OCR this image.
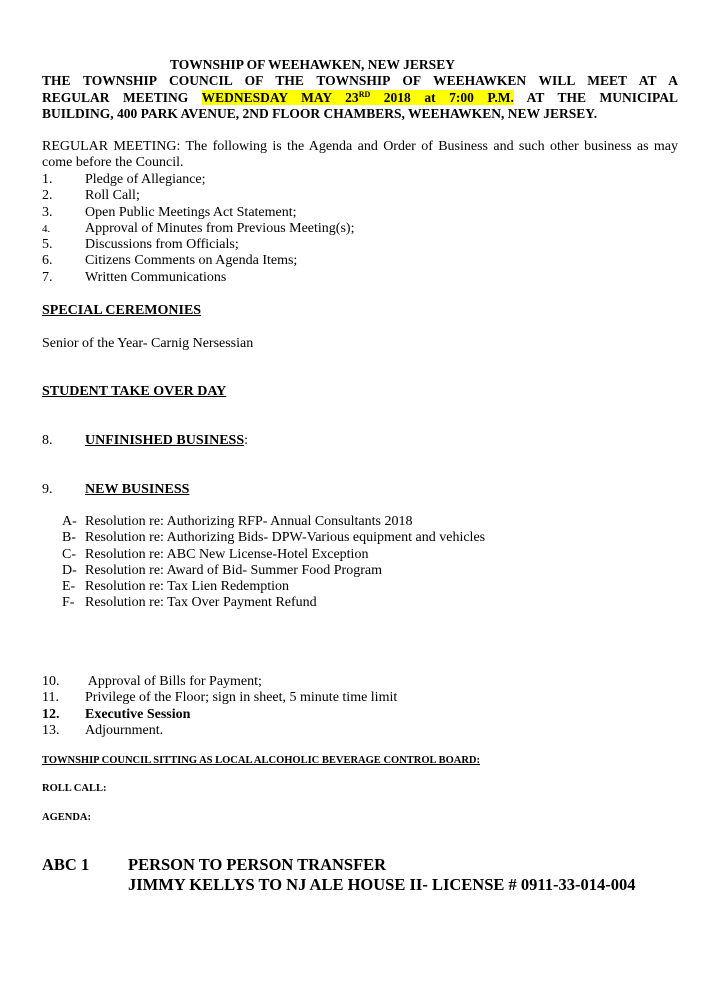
TOWNSHIP OF WEEHAWKEN, NEW JERSEY
THE TOWNSHIP COUNCIL OF THE TOWNSHIP OF WEEHAWKEN WILL MEET AT A
REGULAR MEETING WEDNESDAY MAY 23RD 2018 at 7:00 P.M. AT THE MUNICIPAL
BUILDING, 400 PARK AVENUE, 2ND FLOOR CHAMBERS, WEEHAWKEN, NEW JERSEY.
REGULAR MEETING: The following is the Agenda and Order of Business and such other business as may come before the Council.
1. Pledge of Allegiance;
2. Roll Call;
3. Open Public Meetings Act Statement;
4. Approval of Minutes from Previous Meeting(s);
5. Discussions from Officials;
6. Citizens Comments on Agenda Items;
7. Written Communications
SPECIAL CEREMONIES
Senior of the Year- Carnig Nersessian
STUDENT TAKE OVER DAY
8. UNFINISHED BUSINESS:
9. NEW BUSINESS
A- Resolution re: Authorizing RFP- Annual Consultants 2018
B- Resolution re: Authorizing Bids- DPW-Various equipment and vehicles
C- Resolution re: ABC New License-Hotel Exception
D- Resolution re: Award of Bid- Summer Food Program
E- Resolution re: Tax Lien Redemption
F- Resolution re: Tax Over Payment Refund
10. Approval of Bills for Payment;
11. Privilege of the Floor; sign in sheet, 5 minute time limit
12. Executive Session
13. Adjournment.
TOWNSHIP COUNCIL SITTING AS LOCAL ALCOHOLIC BEVERAGE CONTROL BOARD:
ROLL CALL:
AGENDA:
ABC 1 PERSON TO PERSON TRANSFER
JIMMY KELLYS TO NJ ALE HOUSE II- LICENSE # 0911-33-014-004
